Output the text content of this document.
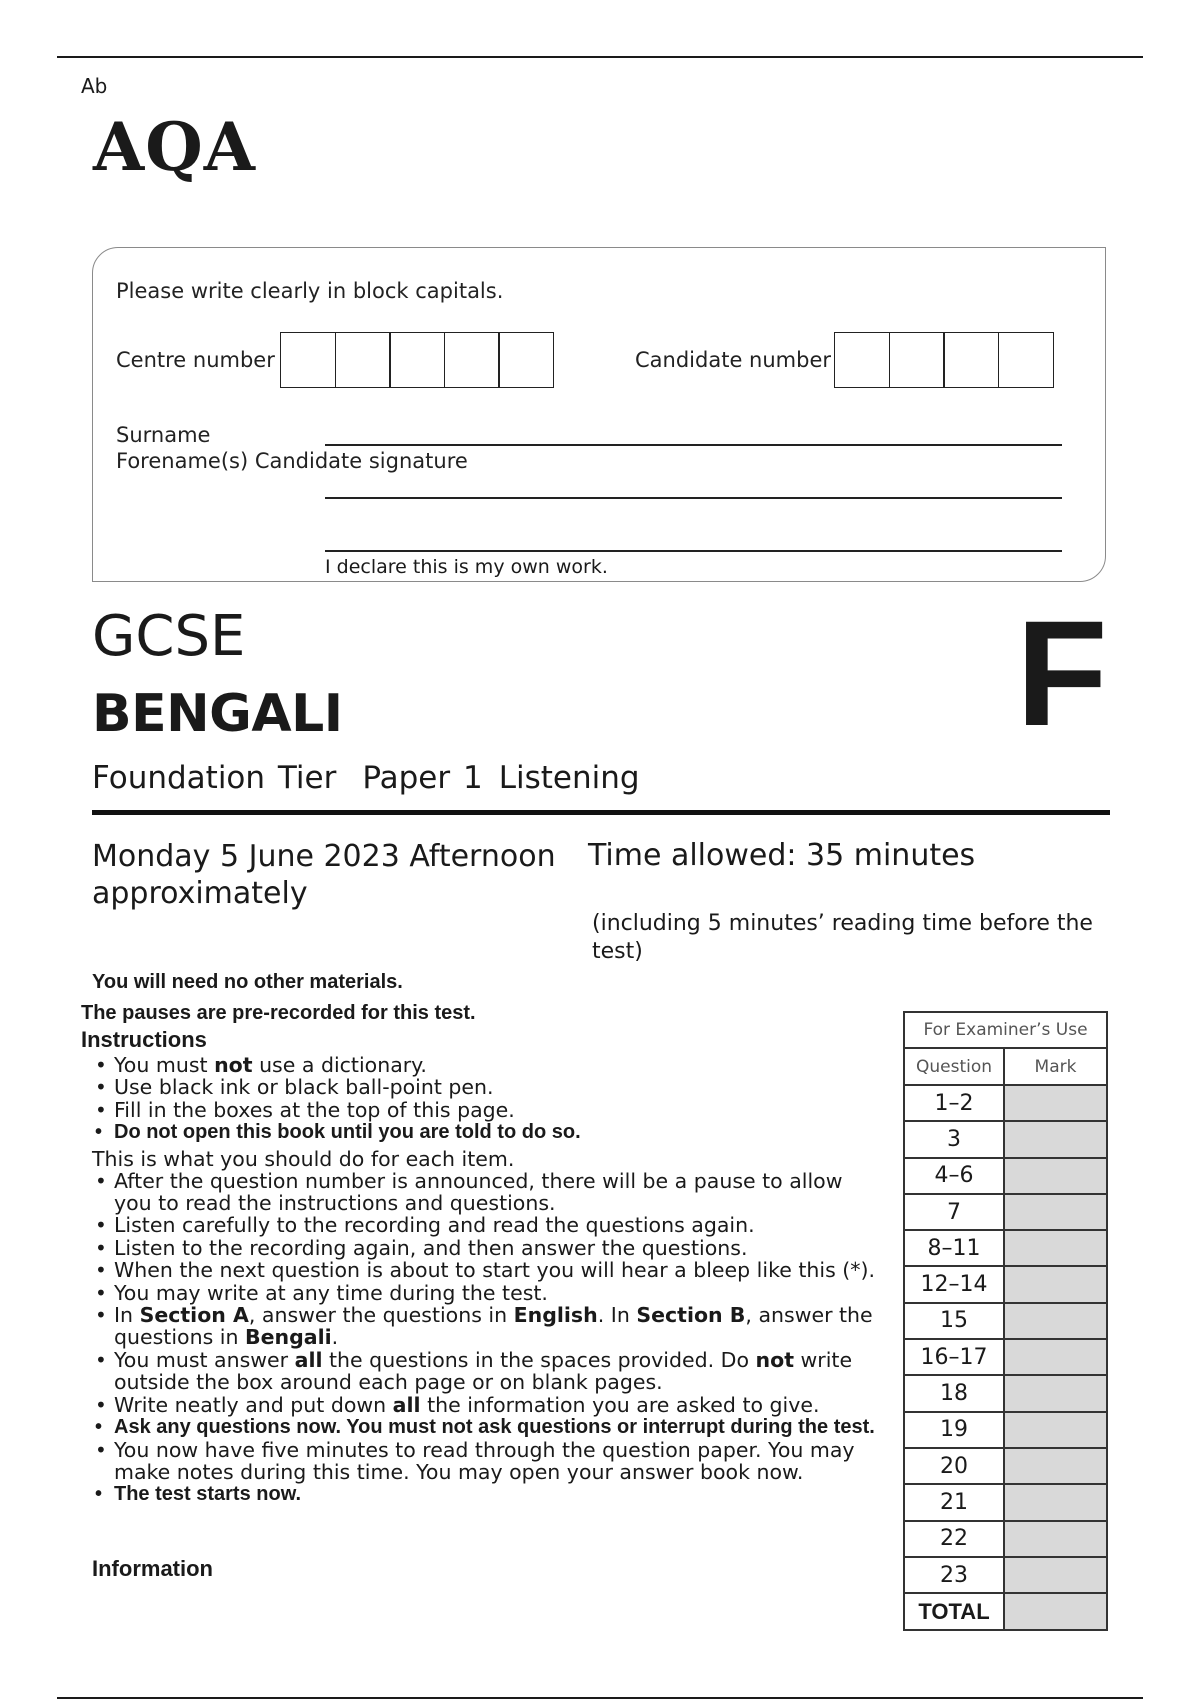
Ab
AQA
Please write clearly in block capitals.
Centre number	Candidate number
Surname
Forename(s) Candidate signature
I declare this is my own work.
GCSE
BENGALI
Foundation Tier Paper 1 Listening
F
Monday 5 June 2023 Afternoon approximately
Time allowed: 35 minutes
(including 5 minutes’ reading time before the test)
You will need no other materials.
The pauses are pre-recorded for this test.
Instructions
• You must not use a dictionary.
• Use black ink or black ball-point pen.
• Fill in the boxes at the top of this page.
• Do not open this book until you are told to do so.
This is what you should do for each item.
• After the question number is announced, there will be a pause to allow you to read the instructions and questions.
• Listen carefully to the recording and read the questions again.
• Listen to the recording again, and then answer the questions.
• When the next question is about to start you will hear a bleep like this (*).
• You may write at any time during the test.
• In Section A, answer the questions in English. In Section B, answer the questions in Bengali.
• You must answer all the questions in the spaces provided. Do not write outside the box around each page or on blank pages.
• Write neatly and put down all the information you are asked to give.
• Ask any questions now. You must not ask questions or interrupt during the test.
• You now have five minutes to read through the question paper. You may make notes during this time. You may open your answer book now.
• The test starts now.
Information
For Examiner’s Use	
Question	Mark
1–2	
3	
4–6	
7	
8–11	
12–14	
15	
16–17	
18	
19	
20	
21	
22	
23	
TOTAL	
